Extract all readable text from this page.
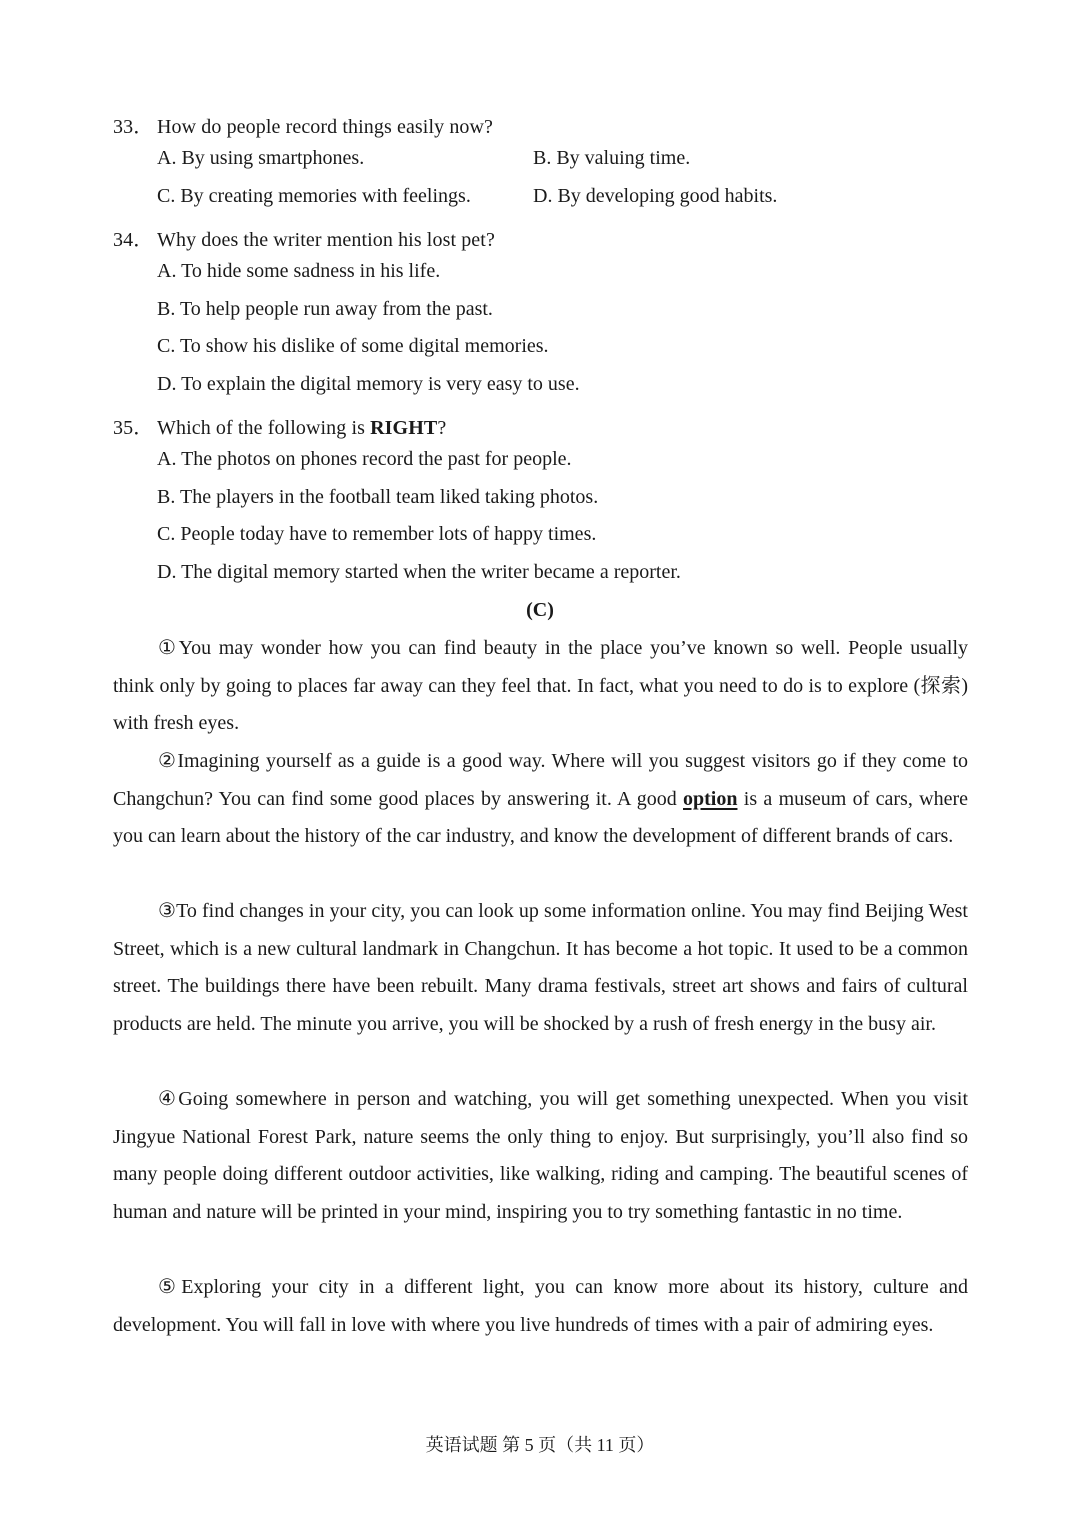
33． How do people record things easily now?
A. By using smartphones.	B. By valuing time.
C. By creating memories with feelings.	D. By developing good habits.
34． Why does the writer mention his lost pet?
A. To hide some sadness in his life.
B. To help people run away from the past.
C. To show his dislike of some digital memories.
D. To explain the digital memory is very easy to use.
35． Which of the following is RIGHT?
A. The photos on phones record the past for people.
B. The players in the football team liked taking photos.
C. People today have to remember lots of happy times.
D. The digital memory started when the writer became a reporter.
(C)
①You may wonder how you can find beauty in the place you’ve known so well. People usually think only by going to places far away can they feel that. In fact, what you need to do is to explore (探索) with fresh eyes.
②Imagining yourself as a guide is a good way. Where will you suggest visitors go if they come to Changchun? You can find some good places by answering it. A good option is a museum of cars, where you can learn about the history of the car industry, and know the development of different brands of cars.
③To find changes in your city, you can look up some information online. You may find Beijing West Street, which is a new cultural landmark in Changchun. It has become a hot topic. It used to be a common street. The buildings there have been rebuilt. Many drama festivals, street art shows and fairs of cultural products are held. The minute you arrive, you will be shocked by a rush of fresh energy in the busy air.
④Going somewhere in person and watching, you will get something unexpected. When you visit Jingyue National Forest Park, nature seems the only thing to enjoy. But surprisingly, you’ll also find so many people doing different outdoor activities, like walking, riding and camping. The beautiful scenes of human and nature will be printed in your mind, inspiring you to try something fantastic in no time.
⑤Exploring your city in a different light, you can know more about its history, culture and development. You will fall in love with where you live hundreds of times with a pair of admiring eyes.
英语试题 第 5 页（共 11 页）
